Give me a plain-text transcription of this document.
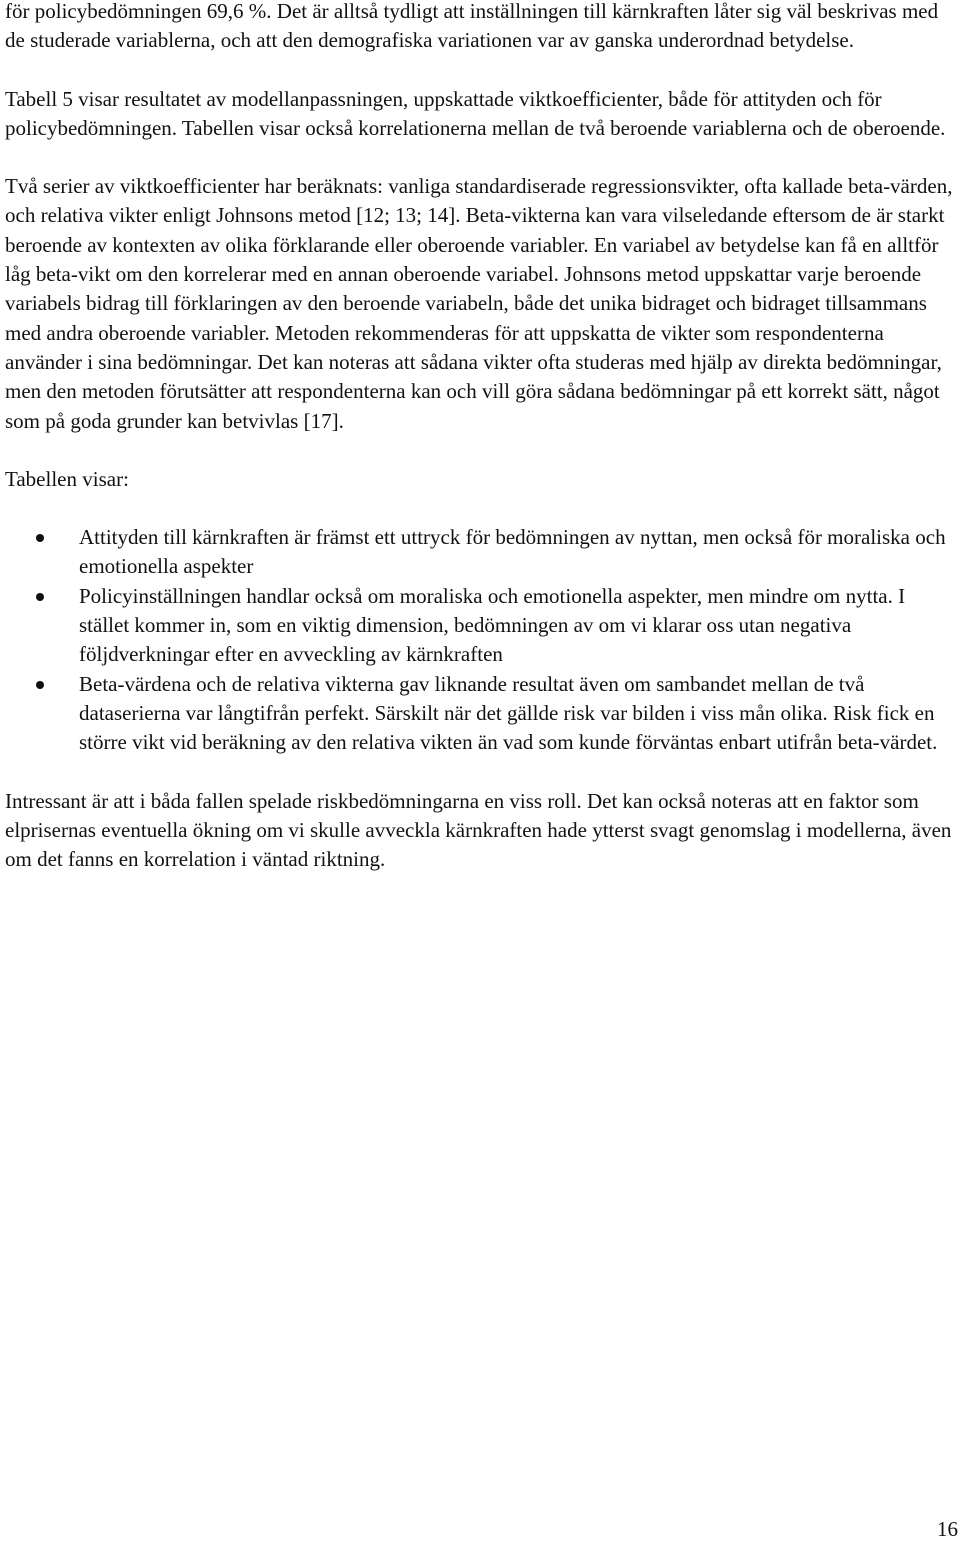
för policybedömningen 69,6 %. Det är alltså tydligt att inställningen till kärnkraften låter sig väl beskrivas med de studerade variablerna, och att den demografiska variationen var av ganska underordnad betydelse.

Tabell 5 visar resultatet av modellanpassningen, uppskattade viktkoefficienter, både för attityden och för policybedömningen. Tabellen visar också korrelationerna mellan de två beroende variablerna och de oberoende.

Två serier av viktkoefficienter har beräknats: vanliga standardiserade regressionsvikter, ofta kallade beta-värden, och relativa vikter enligt Johnsons metod [12; 13; 14]. Beta-vikterna kan vara vilseledande eftersom de är starkt beroende av kontexten av olika förklarande eller oberoende variabler. En variabel av betydelse kan få en alltför låg beta-vikt om den korrelerar med en annan oberoende variabel. Johnsons metod uppskattar varje beroende variabels bidrag till förklaringen av den beroende variabeln, både det unika bidraget och bidraget tillsammans med andra oberoende variabler. Metoden rekommenderas för att uppskatta de vikter som respondenterna använder i sina bedömningar. Det kan noteras att sådana vikter ofta studeras med hjälp av direkta bedömningar, men den metoden förutsätter att respondenterna kan och vill göra sådana bedömningar på ett korrekt sätt, något som på goda grunder kan betvivlas [17].

Tabellen visar:

Attityden till kärnkraften är främst ett uttryck för bedömningen av nyttan, men också för moraliska och emotionella aspekter
Policyinställningen handlar också om moraliska och emotionella aspekter, men mindre om nytta. I stället kommer in, som en viktig dimension, bedömningen av om vi klarar oss utan negativa följdverkningar efter en avveckling av kärnkraften
Beta-värdena och de relativa vikterna gav liknande resultat även om sambandet mellan de två dataserierna var långtifrån perfekt. Särskilt när det gällde risk var bilden i viss mån olika. Risk fick en större vikt vid beräkning av den relativa vikten än vad som kunde förväntas enbart utifrån beta-värdet.

Intressant är att i båda fallen spelade riskbedömningarna en viss roll. Det kan också noteras att en faktor som elprisernas eventuella ökning om vi skulle avveckla kärnkraften hade ytterst svagt genomslag i modellerna, även om det fanns en korrelation i väntad riktning.

16
